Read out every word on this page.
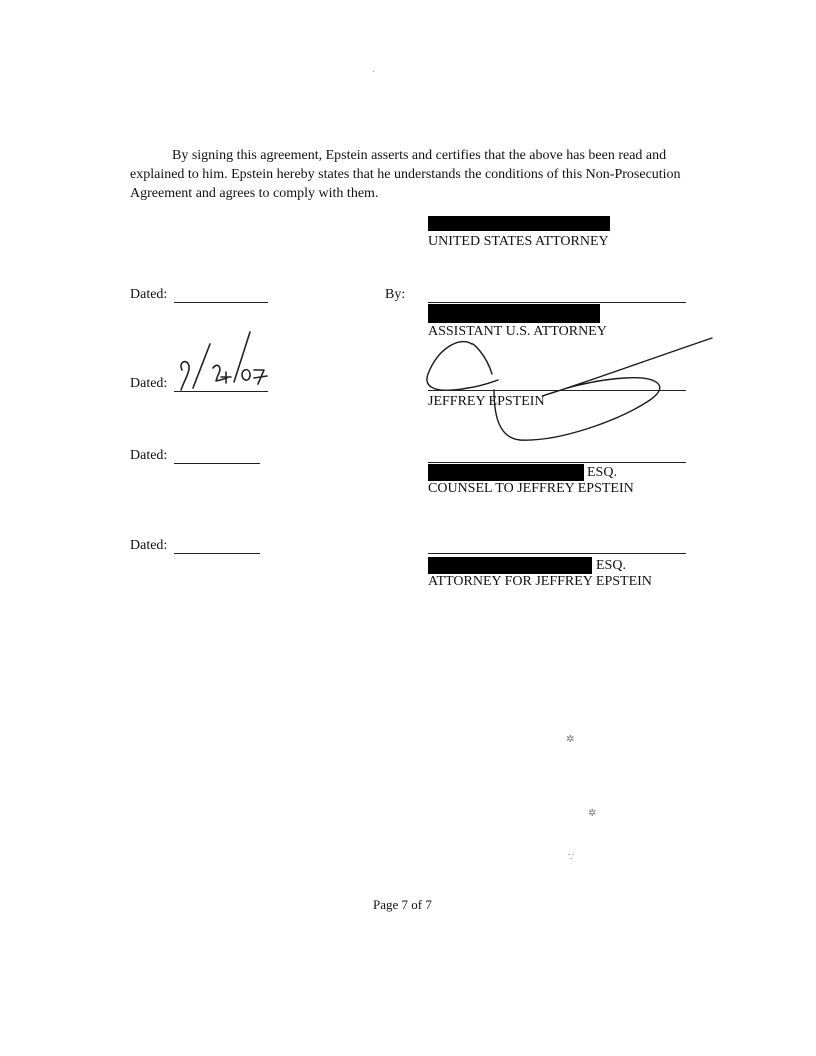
By signing this agreement, Epstein asserts and certifies that the above has been read and explained to him. Epstein hereby states that he understands the conditions of this Non-Prosecution Agreement and agrees to comply with them.
UNITED STATES ATTORNEY
Dated:	By:
ASSISTANT U.S. ATTORNEY
Dated:
JEFFREY EPSTEIN
Dated:
ESQ.
COUNSEL TO JEFFREY EPSTEIN
Dated:
ESQ.
ATTORNEY FOR JEFFREY EPSTEIN
˙
✲
✲
∵
Page 7 of 7
